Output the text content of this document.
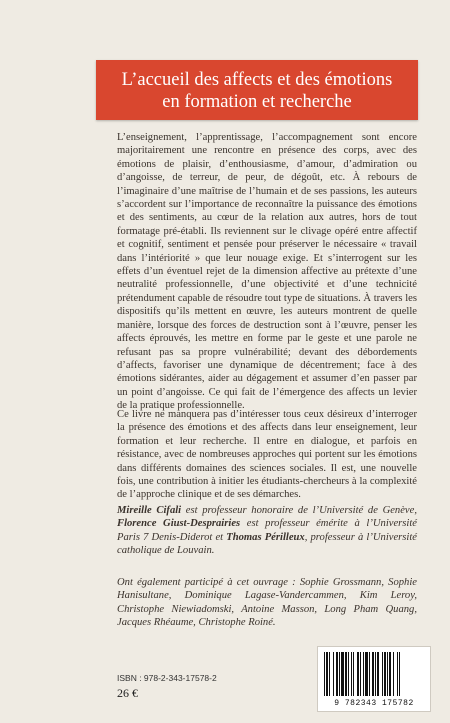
L’accueil des affects et des émotions
en formation et recherche
L’enseignement, l’apprentissage, l’accompagnement sont encore majoritairement une rencontre en présence des corps, avec des émotions de plaisir, d’enthousiasme, d’amour, d’admiration ou d’angoisse, de terreur, de peur, de dégoût, etc. À rebours de l’imaginaire d’une maîtrise de l’humain et de ses passions, les auteurs s’accordent sur l’importance de reconnaître la puissance des émotions et des sentiments, au cœur de la relation aux autres, hors de tout formatage pré-établi. Ils reviennent sur le clivage opéré entre affectif et cognitif, sentiment et pensée pour préserver le nécessaire « travail dans l’intériorité » que leur nouage exige. Et s’interrogent sur les effets d’un éventuel rejet de la dimension affective au prétexte d’une neutralité professionnelle, d’une objectivité et d’une technicité prétendument capable de résoudre tout type de situations. À travers les dispositifs qu’ils mettent en œuvre, les auteurs montrent de quelle manière, lorsque des forces de destruction sont à l’œuvre, penser les affects éprouvés, les mettre en forme par le geste et une parole ne refusant pas sa propre vulnérabilité; devant des débordements d’affects, favoriser une dynamique de décentrement; face à des émotions sidérantes, aider au dégagement et assumer d’en passer par un point d’angoisse. Ce qui fait de l’émergence des affects un levier de la pratique professionnelle.
Ce livre ne manquera pas d’intéresser tous ceux désireux d’interroger la présence des émotions et des affects dans leur enseignement, leur formation et leur recherche. Il entre en dialogue, et parfois en résistance, avec de nombreuses approches qui portent sur les émotions dans différents domaines des sciences sociales. Il est, une nouvelle fois, une contribution à initier les étudiants-chercheurs à la complexité de l’approche clinique et de ses démarches.
Mireille Cifali est professeur honoraire de l’Université de Genève, Florence Giust-Desprairies est professeur émérite à l’Université Paris 7 Denis-Diderot et Thomas Périlleux, professeur à l’Université catholique de Louvain.
Ont également participé à cet ouvrage : Sophie Grossmann, Sophie Hanisultane, Dominique Lagase-Vandercammen, Kim Leroy, Christophe Niewiadomski, Antoine Masson, Long Pham Quang, Jacques Rhéaume, Christophe Roiné.
ISBN : 978-2-343-17578-2
26 €
9 782343 175782
